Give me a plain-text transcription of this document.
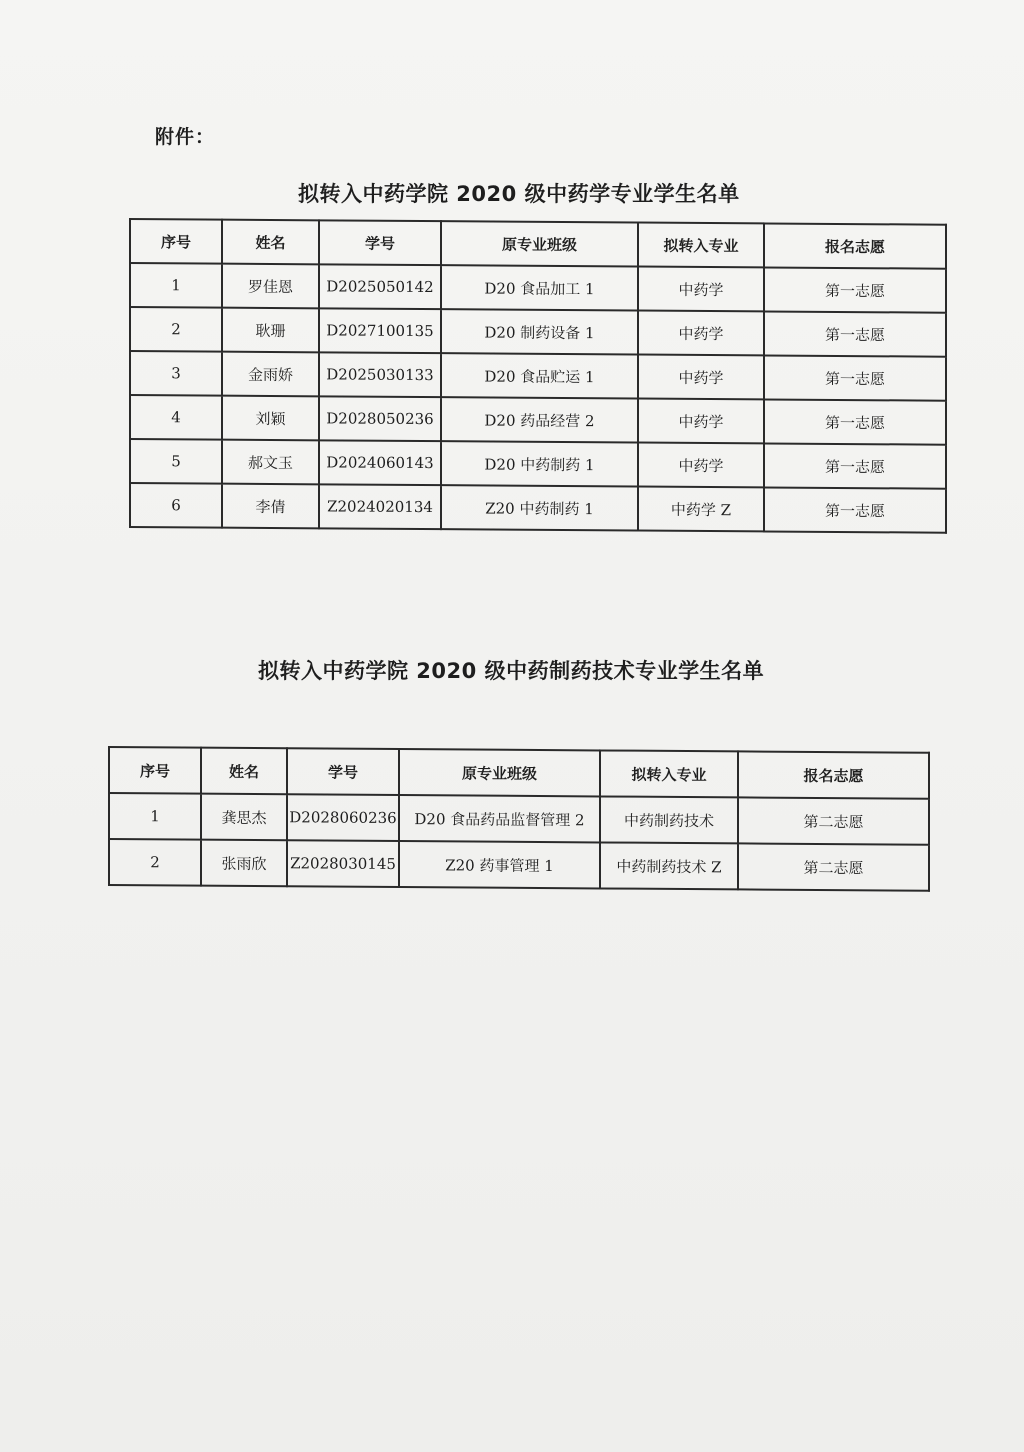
附件：
拟转入中药学院 2020 级中药学专业学生名单
序号	姓名	学号	原专业班级	拟转入专业	报名志愿
1	罗佳恩	D2025050142	D20 食品加工 1	中药学	第一志愿
2	耿珊	D2027100135	D20 制药设备 1	中药学	第一志愿
3	金雨娇	D2025030133	D20 食品贮运 1	中药学	第一志愿
4	刘颖	D2028050236	D20 药品经营 2	中药学	第一志愿
5	郝文玉	D2024060143	D20 中药制药 1	中药学	第一志愿
6	李倩	Z2024020134	Z20 中药制药 1	中药学 Z	第一志愿
拟转入中药学院 2020 级中药制药技术专业学生名单
序号	姓名	学号	原专业班级	拟转入专业	报名志愿
1	龚思杰	D2028060236	D20 食品药品监督管理 2	中药制药技术	第二志愿
2	张雨欣	Z2028030145	Z20 药事管理 1	中药制药技术 Z	第二志愿
